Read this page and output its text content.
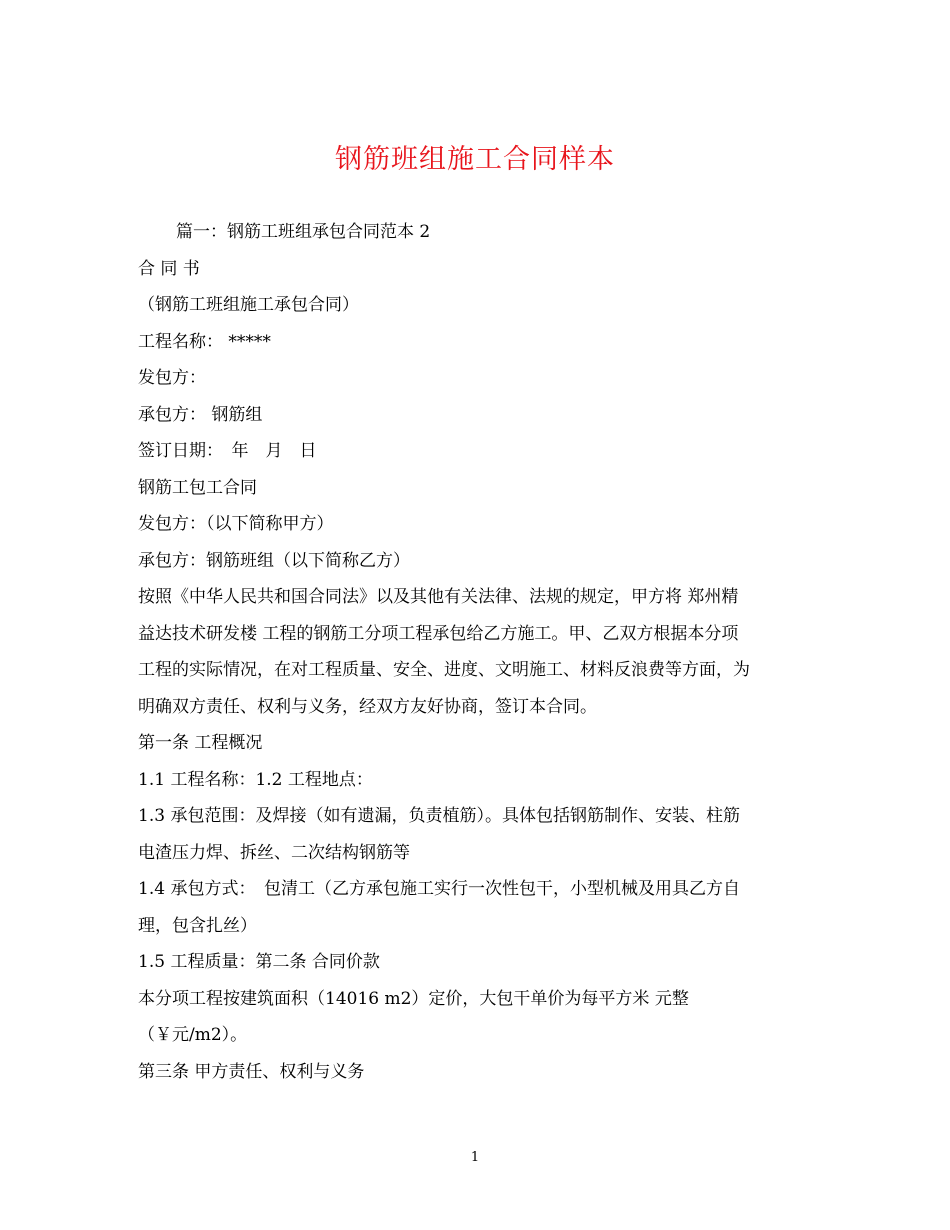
钢筋班组施工合同样本

篇一：钢筋工班组承包合同范本 2

合 同 书

（钢筋工班组施工承包合同）

工程名称： *****

发包方：

承包方： 钢筋组

签订日期：　年　月　日

钢筋工包工合同

发包方：（以下简称甲方）

承包方：钢筋班组（以下简称乙方）

按照《中华人民共和国合同法》以及其他有关法律、法规的规定，甲方将 郑州精

益达技术研发楼 工程的钢筋工分项工程承包给乙方施工。甲、乙双方根据本分项

工程的实际情况，在对工程质量、安全、进度、文明施工、材料反浪费等方面，为

明确双方责任、权利与义务，经双方友好协商，签订本合同。

第一条 工程概况

1.1 工程名称：1.2 工程地点：

1.3 承包范围：及焊接（如有遗漏，负责植筋）。具体包括钢筋制作、安装、柱筋

电渣压力焊、拆丝、二次结构钢筋等

1.4 承包方式：　包清工（乙方承包施工实行一次性包干，小型机械及用具乙方自

理，包含扎丝）

1.5 工程质量：第二条 合同价款

本分项工程按建筑面积（14016 m2）定价，大包干单价为每平方米 元整

（￥元/m2）。

第三条 甲方责任、权利与义务

1
